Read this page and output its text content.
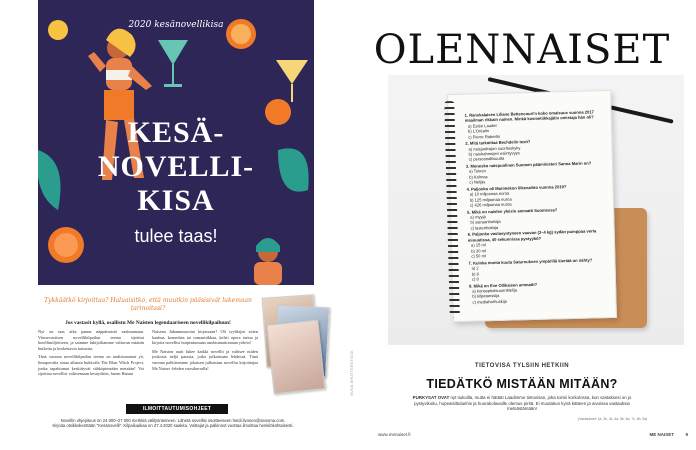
2020 kesänovellikisa
KESÄ-
NOVELLI-
KISA
tulee taas!
Tykkäätkö kirjoittaa? Haluaisitko, että muutkin pääsisivät lukemaan tarinoitasi?
Jos vastasit kyllä, osallistu Me Naisten legendaariseen novellikilpailuun!

Nyt on taas aika panna näppäimistö sauhuamaan. Viimevuotisen novellikilpailun teema sijoittui hotellimiljööseen, ja saimme lukijoiltamme valtavan määrän huikeita ja koskettavia tarinoita.

Tänä vuonna novellikilpailun teema on uudistumaton yö, limapovalta sinua aihauta hukkoffa The Blair Witch Project, jonka tapahtumat keskittyvät sähköpimeään metsään! Voi sijoittaa novellisi valitsemaan kesäyöhön, huom Hannu

Naisena Juhannusnoitat kirjassaan? Oli tyylilajisi sitten kauhua, komediaa tai romantiikkaa, kelsii opera tarina ja kirjoita novellisi huipentumaan unohtumattomaan yöhön!

Me Naisten raati lukee kaikki novellit ja valitsee niiden joukosta neljä parasta, jotka julkaistaan lehdessä. Tänä vuonna palkitsemme jokaisen julkaistun novellin kirjoittajaa Me Naiset -lehden vuosikerralla!

ILMOITTAUTUMISOHJEET
Novellin ohjepituus on 24 000–27 000 merkkiä välilyönteineen. Lähetä novellisi osoitteeseen heidi.livonen@sanoma.com.
Kirjoita otsikkokenttään "Kesänovelli". Kilpailuaikaa on 27.4.2020 saakka. Voittajat ja palkinnot vuottaa ilmoittaa henkilökohtaisesti.
KUVA SHUTTERSTOCK
OLENNAISET
1. Ranskalaisen Liliane Bettencourt'n koko omaisuus vuonna 2017 maailman rikkain nainen. Minkä kosmetiikkajätin omistaja hän oli?
a) Estée Lauder
b) L'Oréalin
c) Pierre Robertin
2. Mitä tarkoittaa Bechdelin testi?
a) naisjuoksijan suorituskyky
b) naishahmojen esiintyvyys
c) persoonallisuutta
3. Monesko naispuolinen Suomen pääministeri Sanna Marin on?
a) Toinen
b) Kolmas
c) Neljäs
4. Paljonko oli Marimekon liikevaihto vuonna 2019?
a) 10 miljoonaa euroa
b) 125 miljoonaa euroa
c) 426 miljoonaa euroa
5. Mikä on naisten yleisin ammatti Suomessa?
a) myyjä
b) sairaanhoitaja
c) lastenhoitaja
6. Paljonko vastasyntyneen vauvan (3–4 kg) sydän pumppaa verta minuutissa, 40 sekunnissa pystyykö?
a) 15 ml
b) 30 ml
c) 50 ml
7. Kuinka monta kuuta Saturnuksen ympärillä kiertää on nähty?
a) 2
b) 8
c) 8
8. Mikä on Eve Ollikaisen ammatti?
a) konseptialsuunnittelija
b) kilpatanssija
c) mediaharhuskija
TIETOVISA TYLSIIN HETKIIN
TIEDÄTKÖ MISTÄÄN MITÄÄN?
PURKYSAT OVAT nyt tiukoilla, mutta ei hätää! Laadimme tietovisan, joka toimii korkolossa, kun vastaksesi on jo pystyvikoitu, hopeaisittulanhis ja huorakolavaille olemus piritä. Ei muotakun kynä kätteen ja aivoissa vastauksia metsästämään!
(Vastaukset: 1a, 2b, 3c, 4a, 5b, 6a, 7c, 8b, 9a)
www.menaiset.fi	ME NAISET	9
